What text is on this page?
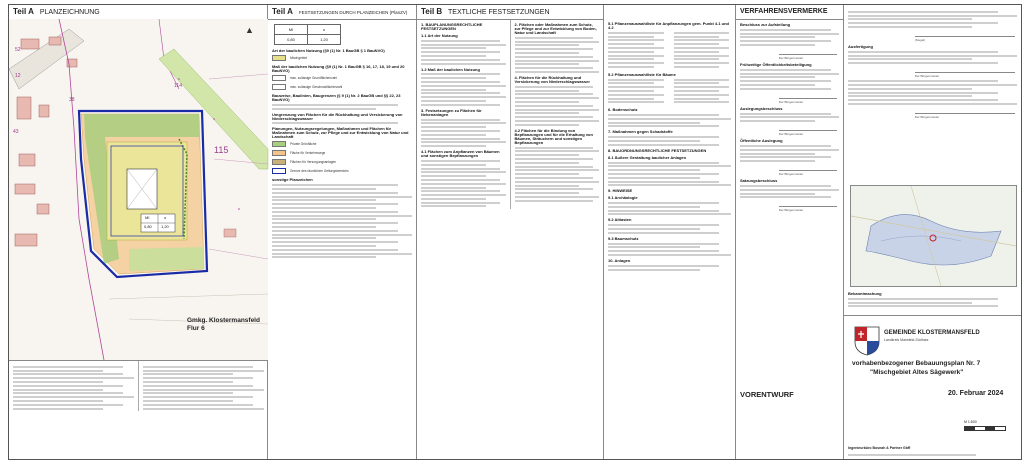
Teil A PLANZEICHNUNG
115
114
12
43
52
38
MI	o
0,80 1,20
Gmkg. Klostermansfeld
Flur 6
▲
Teil A FESTSETZUNGEN DURCH PLANZEICHEN (PlanZV)
MI	o
0,80	1,20
Art der baulichen Nutzung (§9 (1) Nr. 1 BauGB § 1 BauNVO)
Mischgebiet
Maß der baulichen Nutzung (§9 (1) Nr. 1 BauGB § 16, 17, 18, 19 und 20 BauNVO)
max. zulässige Grundflächenzahl
max. zulässige Geschossflächenzahl
Bauweise, Baulinien, Baugrenzen (§ 9 (1) Nr. 2 BauGB und §§ 22, 23 BauNVO)
Umgrenzung von Flächen für die Rückhaltung und Versickerung von Niederschlagswasser
Planungen, Nutzungsregelungen, Maßnahmen und Flächen für Maßnahmen zum Schutz, zur Pflege und zur Entwicklung von Natur und Landschaft
Private Grünfläche
Fläche für Verkehrswege
Flächen für Versorgungsanlagen
Grenze des räumlichen Geltungsbereichs
sonstige Planzeichen
Teil B TEXTLICHE FESTSETZUNGEN
1. BAUPLANUNGSRECHTLICHE FESTSETZUNGEN
1.1 Art der Nutzung
1.2 Maß der baulichen Nutzung
3. Festsetzungen zu Flächen für Nebenanlagen
4.1 Flächen zum Anpflanzen von Bäumen und sonstigen Bepflanzungen
2. Flächen oder Maßnahmen zum Schutz, zur Pflege und zur Entwicklung von Boden, Natur und Landschaft
4. Flächen für die Rückhaltung und Versickerung von Niederschlagswasser
4.2 Flächen für die Bindung von Bepflanzungen und für die Erhaltung von Bäumen, Sträuchern und sonstigen Bepflanzungen
5.1 Pflanzenauswahlliste für Anpflanzungen gem. Punkt 4.1 und 4.2
5.2 Pflanzenauswahlliste für Bäume
6. Bodenschutz
7. Maßnahmen gegen Schadstoffe
8. BAUORDNUNGSRECHTLICHE FESTSETZUNGEN
8.1 Äußere Gestaltung baulicher Anlagen
9. HINWEISE
9.1 Archäologie
9.2 Altlasten
9.3 Baumschutz
10. Anlagen
VERFAHRENSVERMERKE
Beschluss zur Aufstellung
Der Bürgermeister
Frühzeitige Öffentlichkeitsbeteiligung
Der Bürgermeister
Auslegungsbeschluss
Der Bürgermeister
Öffentliche Auslegung
Der Bürgermeister
Satzungsbeschluss
Der Bürgermeister
(Siegel)
Ausfertigung
Der Bürgermeister
Der Bürgermeister
Bekanntmachung
GEMEINDE KLOSTERMANSFELD
Landkreis Mansfeld-Südharz
vorhabenbezogener Bebauungsplan Nr. 7
"Mischgebiet Altes Sägewerk"
VORENTWURF	20. Februar 2024
M 1:500
Ingenieurbüro Bosnah & Partner GbR
